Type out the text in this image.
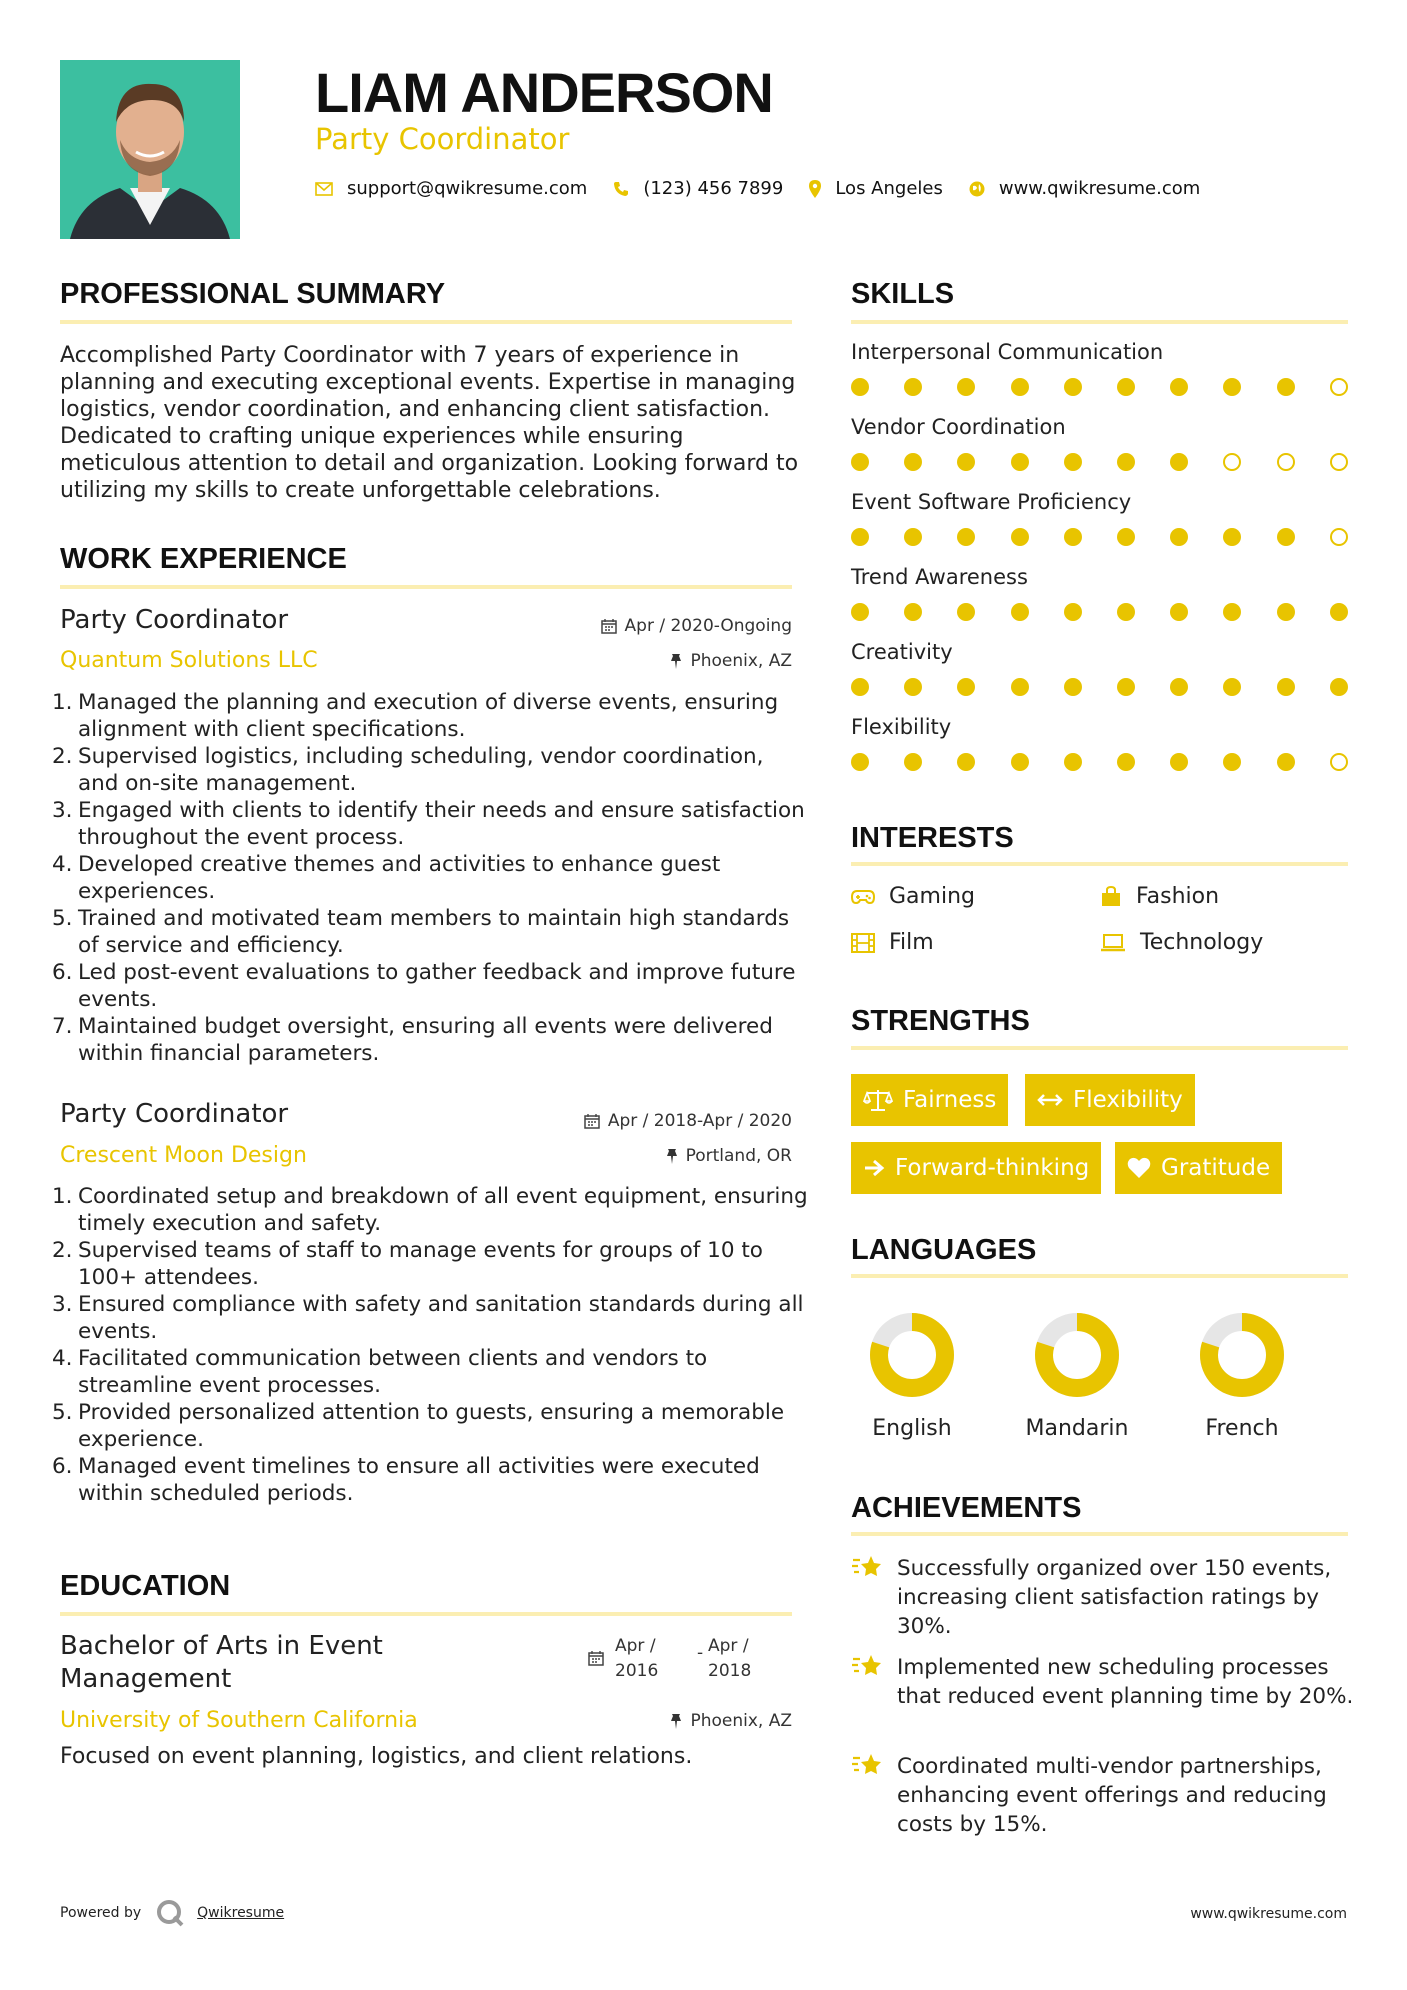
LIAM ANDERSON
Party Coordinator
support@qwikresume.com	(123) 456 7899	Los Angeles	www.qwikresume.com
PROFESSIONAL SUMMARY
Accomplished Party Coordinator with 7 years of experience in planning and executing exceptional events. Expertise in managing logistics, vendor coordination, and enhancing client satisfaction. Dedicated to crafting unique experiences while ensuring meticulous attention to detail and organization. Looking forward to utilizing my skills to create unforgettable celebrations.
WORK EXPERIENCE
Party Coordinator	Apr / 2020-Ongoing
Quantum Solutions LLC	Phoenix, AZ
1. Managed the planning and execution of diverse events, ensuring alignment with client specifications.
2. Supervised logistics, including scheduling, vendor coordination, and on-site management.
3. Engaged with clients to identify their needs and ensure satisfaction throughout the event process.
4. Developed creative themes and activities to enhance guest experiences.
5. Trained and motivated team members to maintain high standards of service and efficiency.
6. Led post-event evaluations to gather feedback and improve future events.
7. Maintained budget oversight, ensuring all events were delivered within financial parameters.
Party Coordinator	Apr / 2018-Apr / 2020
Crescent Moon Design	Portland, OR
1. Coordinated setup and breakdown of all event equipment, ensuring timely execution and safety.
2. Supervised teams of staff to manage events for groups of 10 to 100+ attendees.
3. Ensured compliance with safety and sanitation standards during all events.
4. Facilitated communication between clients and vendors to streamline event processes.
5. Provided personalized attention to guests, ensuring a memorable experience.
6. Managed event timelines to ensure all activities were executed within scheduled periods.
EDUCATION
Bachelor of Arts in Event Management
Apr /
2016
- Apr /
2018
University of Southern California	Phoenix, AZ
Focused on event planning, logistics, and client relations.
SKILLS
Interpersonal Communication
Vendor Coordination
Event Software Proficiency
Trend Awareness
Creativity
Flexibility
INTERESTS
Gaming	Fashion
Film	Technology
STRENGTHS
Fairness	Flexibility
Forward-thinking	Gratitude
LANGUAGES
English	Mandarin	French
ACHIEVEMENTS
Successfully organized over 150 events, increasing client satisfaction ratings by 30%.
Implemented new scheduling processes that reduced event planning time by 20%.
Coordinated multi-vendor partnerships, enhancing event offerings and reducing costs by 15%.
Powered by	Qwikresume	www.qwikresume.com
